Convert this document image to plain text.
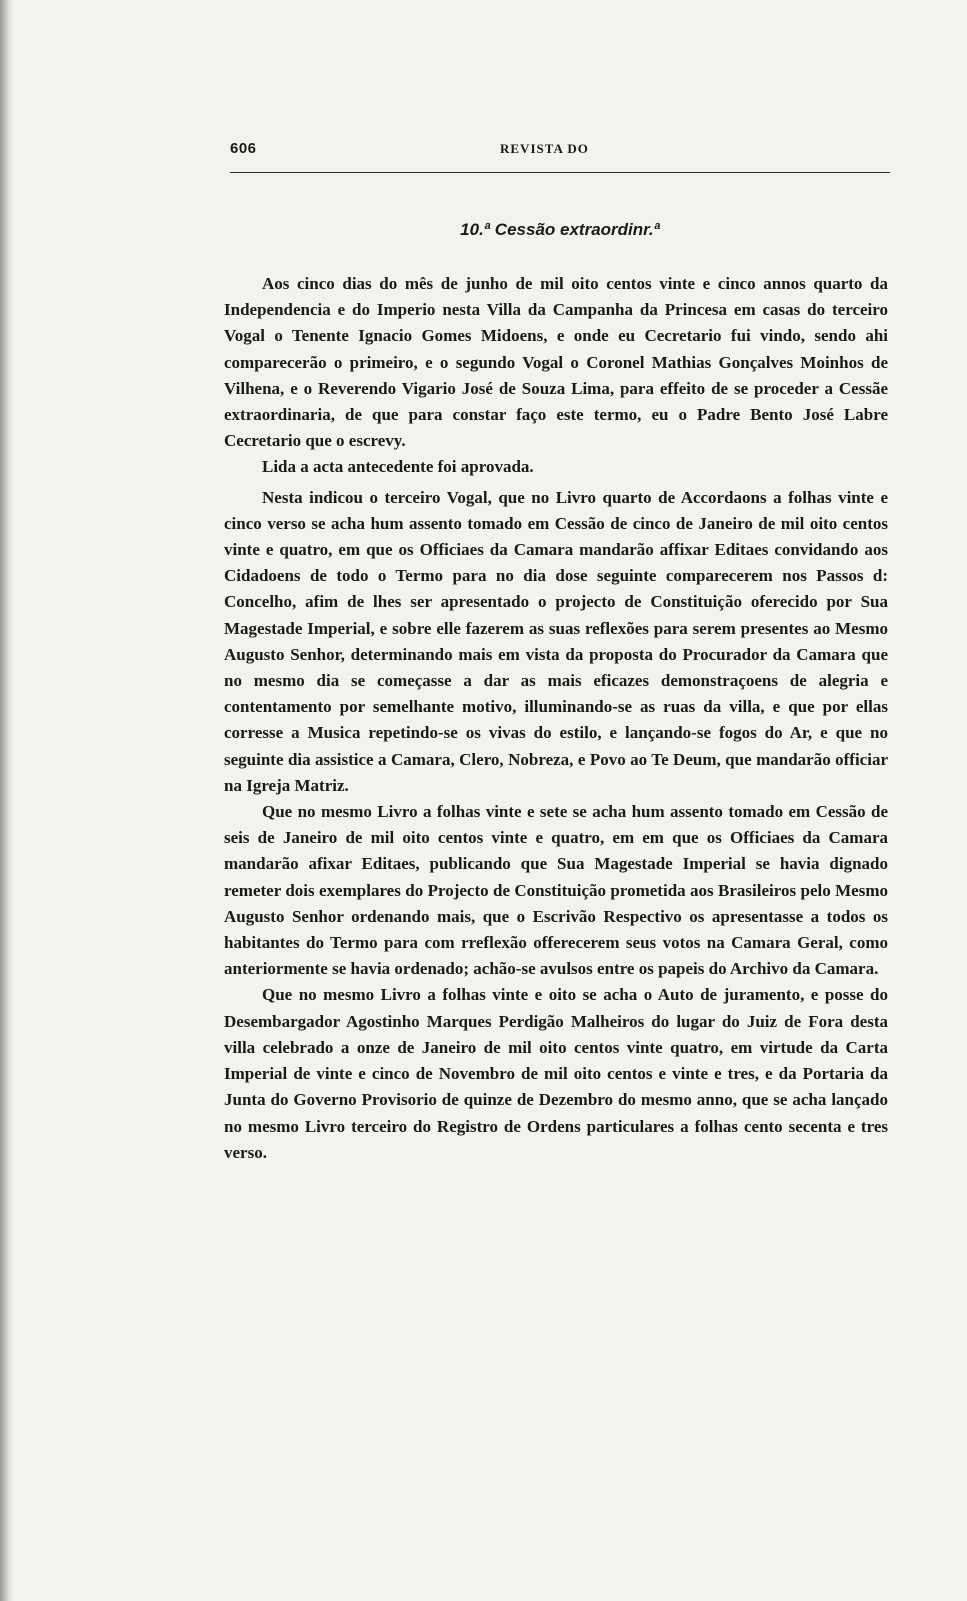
606	REVISTA DO
10.ª Cessão extraordinr.ª

Aos cinco dias do mês de junho de mil oito centos vinte e cinco annos quarto da Independencia e do Imperio nesta Villa da Campanha da Princesa em casas do terceiro Vogal o Tenente Ignacio Gomes Midoens, e onde eu Cecretario fui vindo, sendo ahi comparecerão o primeiro, e o segundo Vogal o Coronel Mathias Gonçalves Moinhos de Vilhena, e o Reverendo Vigario José de Souza Lima, para effeito de se proceder a Cessãe extraordinaria, de que para constar faço este termo, eu o Padre Bento José Labre Cecretario que o escrevy.

Lida a acta antecedente foi aprovada.

Nesta indicou o terceiro Vogal, que no Livro quarto de Accordaons a folhas vinte e cinco verso se acha hum assento tomado em Cessão de cinco de Janeiro de mil oito centos vinte e quatro, em que os Officiaes da Camara mandarão affixar Editaes convidando aos Cidadoens de todo o Termo para no dia dose seguinte comparecerem nos Passos d: Concelho, afim de lhes ser apresentado o projecto de Constituição oferecido por Sua Magestade Imperial, e sobre elle fazerem as suas reflexões para serem presentes ao Mesmo Augusto Senhor, determinando mais em vista da proposta do Procurador da Camara que no mesmo dia se começasse a dar as mais eficazes demonstraçoens de alegria e contentamento por semelhante motivo, illuminando-se as ruas da villa, e que por ellas corresse a Musica repetindo-se os vivas do estilo, e lançando-se fogos do Ar, e que no seguinte dia assistice a Camara, Clero, Nobreza, e Povo ao Te Deum, que mandarão officiar na Igreja Matriz.

Que no mesmo Livro a folhas vinte e sete se acha hum assento tomado em Cessão de seis de Janeiro de mil oito centos vinte e quatro, em em que os Officiaes da Camara mandarão afixar Editaes, publicando que Sua Magestade Imperial se havia dignado remeter dois exemplares do Projecto de Constituição prometida aos Brasileiros pelo Mesmo Augusto Senhor ordenando mais, que o Escrivão Respectivo os apresentasse a todos os habitantes do Termo para com rreflexão offerecerem seus votos na Camara Geral, como anteriormente se havia ordenado; achão-se avulsos entre os papeis do Archivo da Camara.

Que no mesmo Livro a folhas vinte e oito se acha o Auto de juramento, e posse do Desembargador Agostinho Marques Perdigão Malheiros do lugar do Juiz de Fora desta villa celebrado a onze de Janeiro de mil oito centos vinte quatro, em virtude da Carta Imperial de vinte e cinco de Novembro de mil oito centos e vinte e tres, e da Portaria da Junta do Governo Provisorio de quinze de Dezembro do mesmo anno, que se acha lançado no mesmo Livro terceiro do Registro de Ordens particulares a folhas cento secenta e tres verso.
